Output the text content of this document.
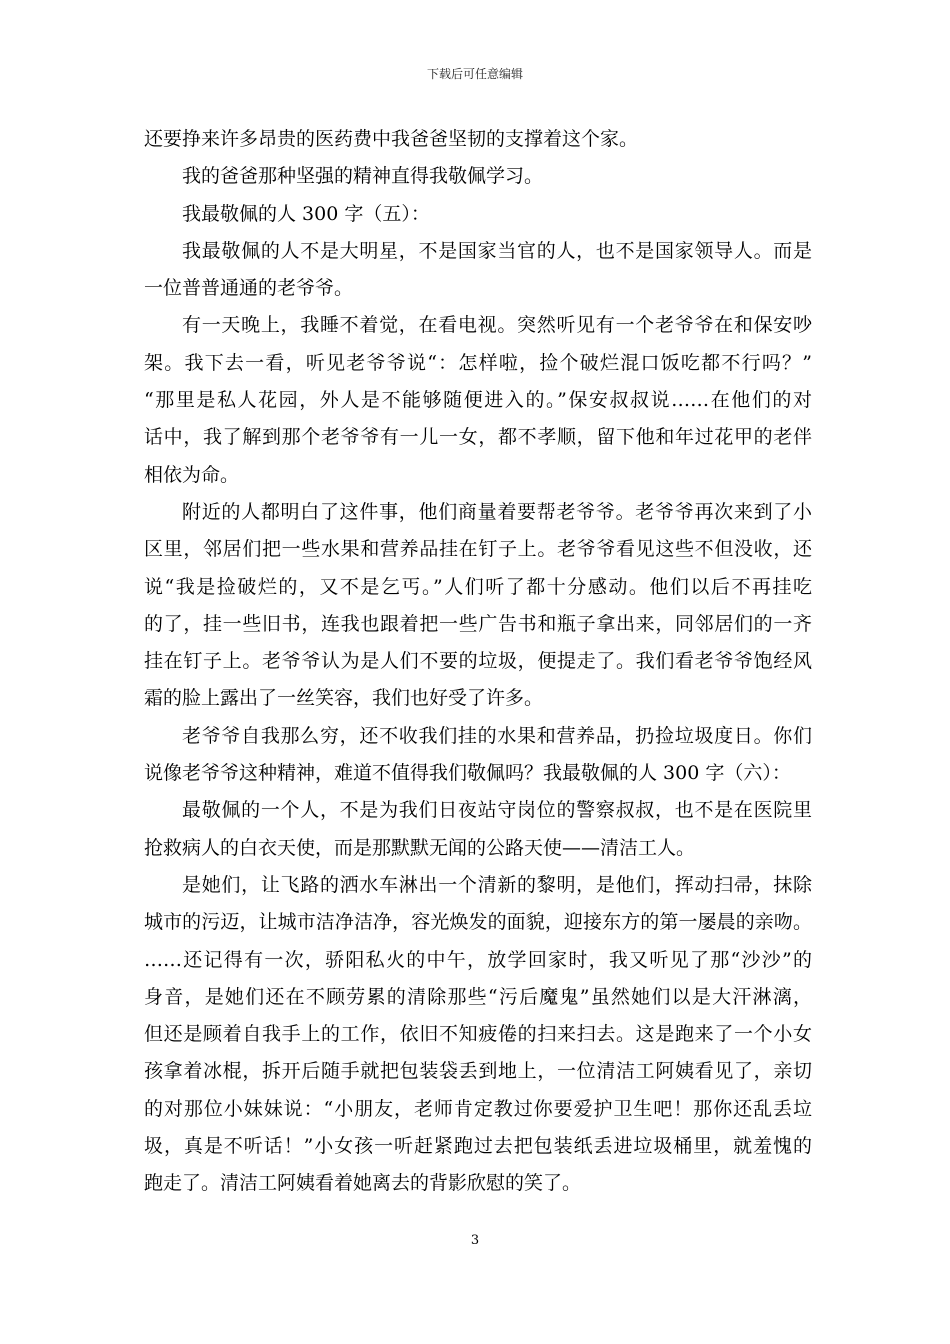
下载后可任意编辑
还要挣来许多昂贵的医药费中我爸爸坚韧的支撑着这个家。
我的爸爸那种坚强的精神直得我敬佩学习。
我最敬佩的人 300 字（五）：
我最敬佩的人不是大明星，不是国家当官的人，也不是国家领导人。而是
一位普普通通的老爷爷。
有一天晚上，我睡不着觉，在看电视。突然听见有一个老爷爷在和保安吵
架。我下去一看，听见老爷爷说“：怎样啦，捡个破烂混口饭吃都不行吗？”
“那里是私人花园，外人是不能够随便进入的。”保安叔叔说……在他们的对
话中，我了解到那个老爷爷有一儿一女，都不孝顺，留下他和年过花甲的老伴
相依为命。
附近的人都明白了这件事，他们商量着要帮老爷爷。老爷爷再次来到了小
区里，邻居们把一些水果和营养品挂在钉子上。老爷爷看见这些不但没收，还
说“我是捡破烂的，又不是乞丐。”人们听了都十分感动。他们以后不再挂吃
的了，挂一些旧书，连我也跟着把一些广告书和瓶子拿出来，同邻居们的一齐
挂在钉子上。老爷爷认为是人们不要的垃圾，便提走了。我们看老爷爷饱经风
霜的脸上露出了一丝笑容，我们也好受了许多。
老爷爷自我那么穷，还不收我们挂的水果和营养品，扔捡垃圾度日。你们
说像老爷爷这种精神，难道不值得我们敬佩吗？我最敬佩的人 300 字（六）：
最敬佩的一个人，不是为我们日夜站守岗位的警察叔叔，也不是在医院里
抢救病人的白衣天使，而是那默默无闻的公路天使——清洁工人。
是她们，让飞路的洒水车淋出一个清新的黎明，是他们，挥动扫帚，抹除
城市的污迈，让城市洁净洁净，容光焕发的面貌，迎接东方的第一屡晨的亲吻。
……还记得有一次，骄阳私火的中午，放学回家时，我又听见了那“沙沙”的
身音，是她们还在不顾劳累的清除那些“污后魔鬼”虽然她们以是大汗淋漓，
但还是顾着自我手上的工作，依旧不知疲倦的扫来扫去。这是跑来了一个小女
孩拿着冰棍，拆开后随手就把包装袋丢到地上，一位清洁工阿姨看见了，亲切
的对那位小妹妹说：“小朋友，老师肯定教过你要爱护卫生吧！那你还乱丢垃
圾，真是不听话！”小女孩一听赶紧跑过去把包装纸丢进垃圾桶里，就羞愧的
跑走了。清洁工阿姨看着她离去的背影欣慰的笑了。
3
